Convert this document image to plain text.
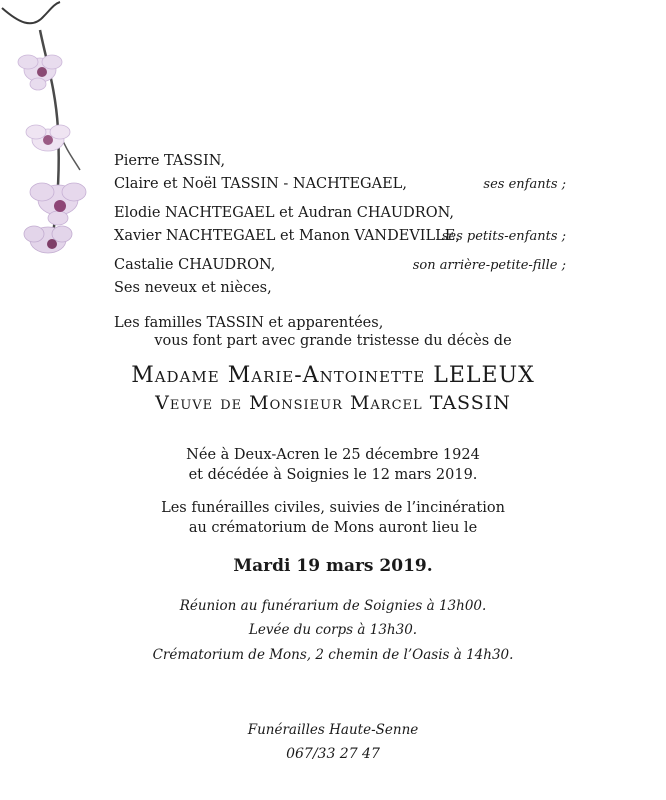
Pierre TASSIN,
Claire et Noël TASSIN - NACHTEGAEL,	ses enfants ;
Elodie NACHTEGAEL et Audran CHAUDRON,
Xavier NACHTEGAEL et Manon VANDEVILLE,
ses petits-enfants ;
Castalie CHAUDRON,	son arrière-petite-fille ;
Ses neveux et nièces,
Les familles TASSIN et apparentées,
vous font part avec grande tristesse du décès de
Madame Marie-Antoinette LELEUX
Veuve de Monsieur Marcel TASSIN
Née à Deux-Acren le 25 décembre 1924
et décédée à Soignies le 12 mars 2019.
Les funérailles civiles, suivies de l’incinération
au crématorium de Mons auront lieu le
Mardi 19 mars 2019.
Réunion au funérarium de Soignies à 13h00.
Levée du corps à 13h30.
Crématorium de Mons, 2 chemin de l’Oasis à 14h30.
Funérailles Haute-Senne
067/33 27 47
